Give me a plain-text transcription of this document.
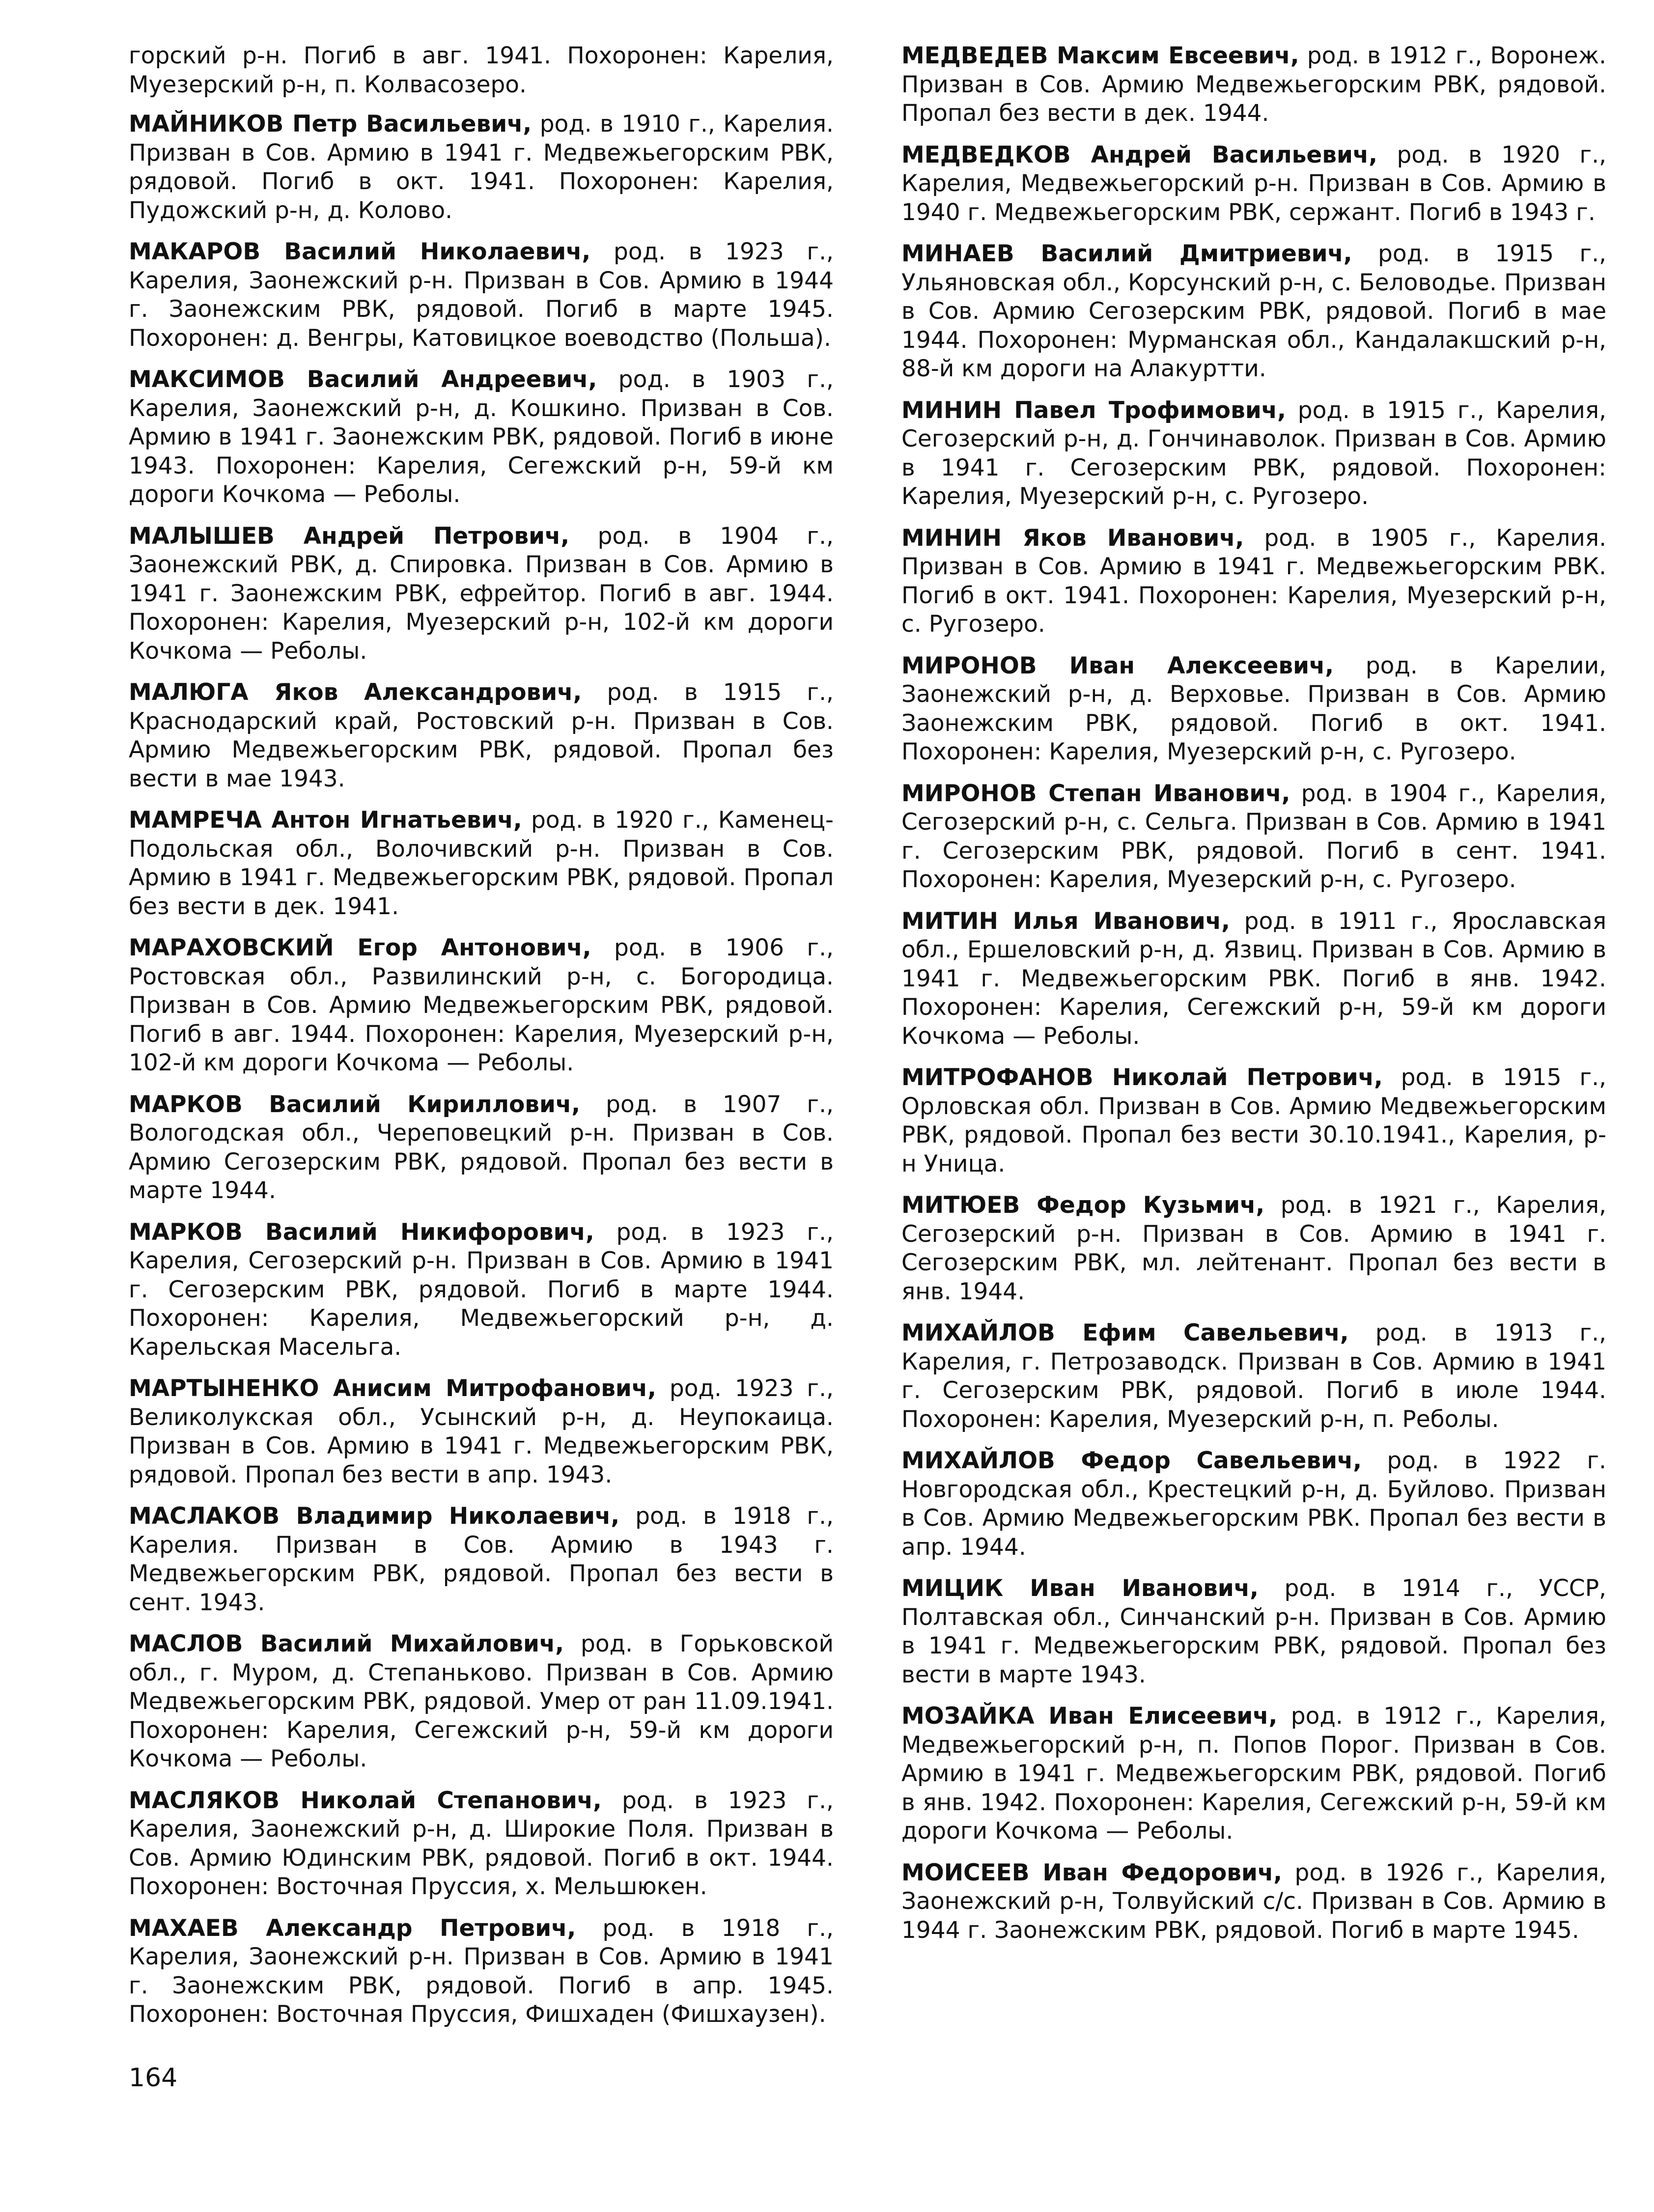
горский р-н. Погиб в авг. 1941. Похоронен: Карелия, Муезерский р-н, п. Колвасозеро.

МАЙНИКОВ Петр Васильевич, род. в 1910 г., Карелия. Призван в Сов. Армию в 1941 г. Медвежьегорским РВК, рядовой. Погиб в окт. 1941. Похоронен: Карелия, Пудожский р-н, д. Колово.

МАКАРОВ Василий Николаевич, род. в 1923 г., Карелия, Заонежский р-н. Призван в Сов. Армию в 1944 г. Заонежским РВК, рядовой. Погиб в марте 1945. Похоронен: д. Венгры, Катовицкое воеводство (Польша).

МАКСИМОВ Василий Андреевич, род. в 1903 г., Карелия, Заонежский р-н, д. Кошкино. Призван в Сов. Армию в 1941 г. Заонежским РВК, рядовой. Погиб в июне 1943. Похоронен: Карелия, Сегежский р-н, 59-й км дороги Кочкома — Реболы.

МАЛЫШЕВ Андрей Петрович, род. в 1904 г., Заонежский РВК, д. Спировка. Призван в Сов. Армию в 1941 г. Заонежским РВК, ефрейтор. Погиб в авг. 1944. Похоронен: Карелия, Муезерский р-н, 102-й км дороги Кочкома — Реболы.

МАЛЮГА Яков Александрович, род. в 1915 г., Краснодарский край, Ростовский р-н. Призван в Сов. Армию Медвежьегорским РВК, рядовой. Пропал без вести в мае 1943.

МАМРЕЧА Антон Игнатьевич, род. в 1920 г., Каменец-Подольская обл., Волочивский р-н. Призван в Сов. Армию в 1941 г. Медвежьегорским РВК, рядовой. Пропал без вести в дек. 1941.

МАРАХОВСКИЙ Егор Антонович, род. в 1906 г., Ростовская обл., Развилинский р-н, с. Богородица. Призван в Сов. Армию Медвежьегорским РВК, рядовой. Погиб в авг. 1944. Похоронен: Карелия, Муезерский р-н, 102-й км дороги Кочкома — Реболы.

МАРКОВ Василий Кириллович, род. в 1907 г., Вологодская обл., Череповецкий р-н. Призван в Сов. Армию Сегозерским РВК, рядовой. Пропал без вести в марте 1944.

МАРКОВ Василий Никифорович, род. в 1923 г., Карелия, Сегозерский р-н. Призван в Сов. Армию в 1941 г. Сегозерским РВК, рядовой. Погиб в марте 1944. Похоронен: Карелия, Медвежьегорский р-н, д. Карельская Масельга.

МАРТЫНЕНКО Анисим Митрофанович, род. 1923 г., Великолукская обл., Усынский р-н, д. Неупокаица. Призван в Сов. Армию в 1941 г. Медвежьегорским РВК, рядовой. Пропал без вести в апр. 1943.

МАСЛАКОВ Владимир Николаевич, род. в 1918 г., Карелия. Призван в Сов. Армию в 1943 г. Медвежьегорским РВК, рядовой. Пропал без вести в сент. 1943.

МАСЛОВ Василий Михайлович, род. в Горьковской обл., г. Муром, д. Степаньково. Призван в Сов. Армию Медвежьегорским РВК, рядовой. Умер от ран 11.09.1941. Похоронен: Карелия, Сегежский р-н, 59-й км дороги Кочкома — Реболы.

МАСЛЯКОВ Николай Степанович, род. в 1923 г., Карелия, Заонежский р-н, д. Широкие Поля. Призван в Сов. Армию Юдинским РВК, рядовой. Погиб в окт. 1944. Похоронен: Восточная Пруссия, х. Мельшюкен.

МАХАЕВ Александр Петрович, род. в 1918 г., Карелия, Заонежский р-н. Призван в Сов. Армию в 1941 г. Заонежским РВК, рядовой. Погиб в апр. 1945. Похоронен: Восточная Пруссия, Фишхаден (Фишхаузен).

МЕДВЕДЕВ Максим Евсеевич, род. в 1912 г., Воронеж. Призван в Сов. Армию Медвежьегорским РВК, рядовой. Пропал без вести в дек. 1944.

МЕДВЕДКОВ Андрей Васильевич, род. в 1920 г., Карелия, Медвежьегорский р-н. Призван в Сов. Армию в 1940 г. Медвежьегорским РВК, сержант. Погиб в 1943 г.

МИНАЕВ Василий Дмитриевич, род. в 1915 г., Ульяновская обл., Корсунский р-н, с. Беловодье. Призван в Сов. Армию Сегозерским РВК, рядовой. Погиб в мае 1944. Похоронен: Мурманская обл., Кандалакшский р-н, 88-й км дороги на Алакуртти.

МИНИН Павел Трофимович, род. в 1915 г., Карелия, Сегозерский р-н, д. Гончинаволок. Призван в Сов. Армию в 1941 г. Сегозерским РВК, рядовой. Похоронен: Карелия, Муезерский р-н, с. Ругозеро.

МИНИН Яков Иванович, род. в 1905 г., Карелия. Призван в Сов. Армию в 1941 г. Медвежьегорским РВК. Погиб в окт. 1941. Похоронен: Карелия, Муезерский р-н, с. Ругозеро.

МИРОНОВ Иван Алексеевич, род. в Карелии, Заонежский р-н, д. Верховье. Призван в Сов. Армию Заонежским РВК, рядовой. Погиб в окт. 1941. Похоронен: Карелия, Муезерский р-н, с. Ругозеро.

МИРОНОВ Степан Иванович, род. в 1904 г., Карелия, Сегозерский р-н, с. Сельга. Призван в Сов. Армию в 1941 г. Сегозерским РВК, рядовой. Погиб в сент. 1941. Похоронен: Карелия, Муезерский р-н, с. Ругозеро.

МИТИН Илья Иванович, род. в 1911 г., Ярославская обл., Ершеловский р-н, д. Язвиц. Призван в Сов. Армию в 1941 г. Медвежьегорским РВК. Погиб в янв. 1942. Похоронен: Карелия, Сегежский р-н, 59-й км дороги Кочкома — Реболы.

МИТРОФАНОВ Николай Петрович, род. в 1915 г., Орловская обл. Призван в Сов. Армию Медвежьегорским РВК, рядовой. Пропал без вести 30.10.1941., Карелия, р-н Уница.

МИТЮЕВ Федор Кузьмич, род. в 1921 г., Карелия, Сегозерский р-н. Призван в Сов. Армию в 1941 г. Сегозерским РВК, мл. лейтенант. Пропал без вести в янв. 1944.

МИХАЙЛОВ Ефим Савельевич, род. в 1913 г., Карелия, г. Петрозаводск. Призван в Сов. Армию в 1941 г. Сегозерским РВК, рядовой. Погиб в июле 1944. Похоронен: Карелия, Муезерский р-н, п. Реболы.

МИХАЙЛОВ Федор Савельевич, род. в 1922 г. Новгородская обл., Крестецкий р-н, д. Буйлово. Призван в Сов. Армию Медвежьегорским РВК. Пропал без вести в апр. 1944.

МИЦИК Иван Иванович, род. в 1914 г., УССР, Полтавская обл., Синчанский р-н. Призван в Сов. Армию в 1941 г. Медвежьегорским РВК, рядовой. Пропал без вести в марте 1943.

МОЗАЙКА Иван Елисеевич, род. в 1912 г., Карелия, Медвежьегорский р-н, п. Попов Порог. Призван в Сов. Армию в 1941 г. Медвежьегорским РВК, рядовой. Погиб в янв. 1942. Похоронен: Карелия, Сегежский р-н, 59-й км дороги Кочкома — Реболы.

МОИСЕЕВ Иван Федорович, род. в 1926 г., Карелия, Заонежский р-н, Толвуйский с/с. Призван в Сов. Армию в 1944 г. Заонежским РВК, рядовой. Погиб в марте 1945.

164
